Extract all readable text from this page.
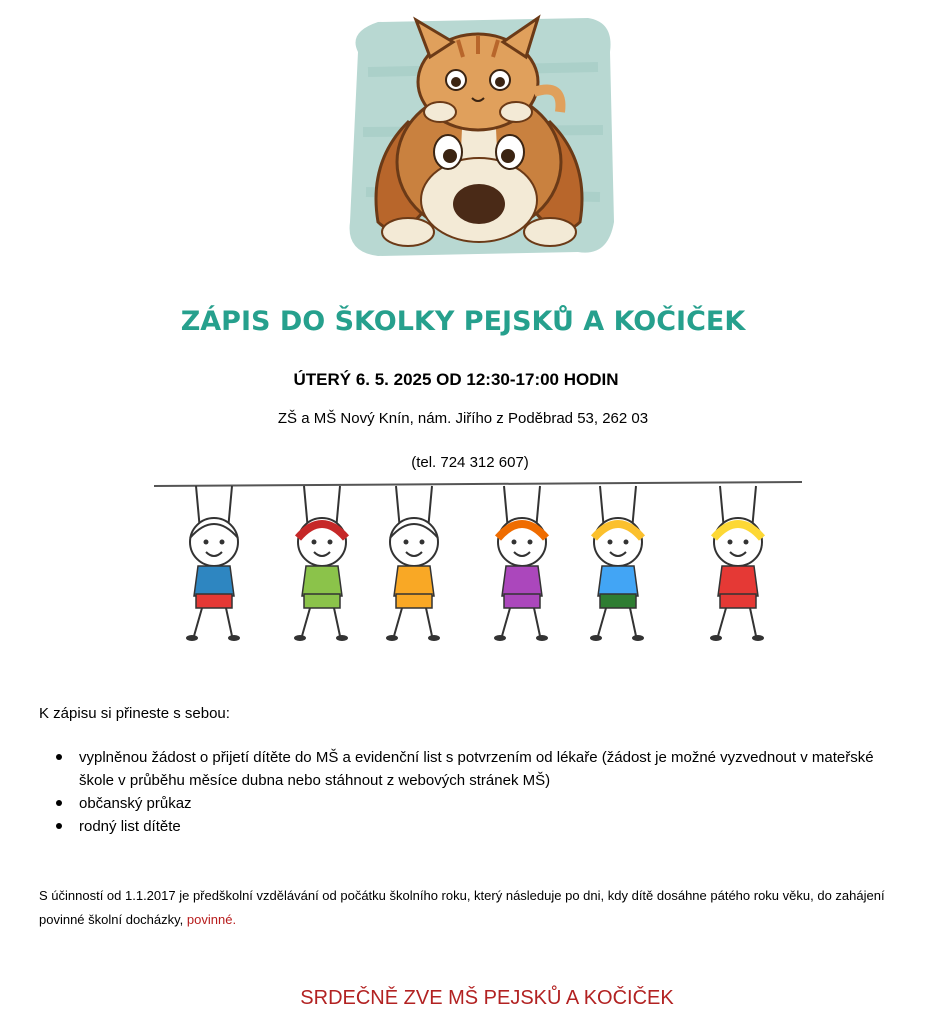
ZÁPIS DO ŠKOLKY PEJSKŮ A KOČIČEK
ÚTERÝ 6. 5. 2025 OD 12:30-17:00 HODIN
ZŠ a MŠ Nový Knín, nám. Jiřího z Poděbrad 53, 262 03
(tel. 724 312 607)
K zápisu si přineste s sebou:
vyplněnou žádost o přijetí dítěte do MŠ a evidenční list s potvrzením od lékaře (žádost je možné vyzvednout v mateřské škole v průběhu měsíce dubna nebo stáhnout z webových stránek MŠ)
občanský průkaz
rodný list dítěte
S účinností od 1.1.2017 je předškolní vzdělávání od počátku školního roku, který následuje po dni, kdy dítě dosáhne pátého roku věku, do zahájení povinné školní docházky, povinné.
SRDEČNĚ ZVE MŠ PEJSKŮ A KOČIČEK
